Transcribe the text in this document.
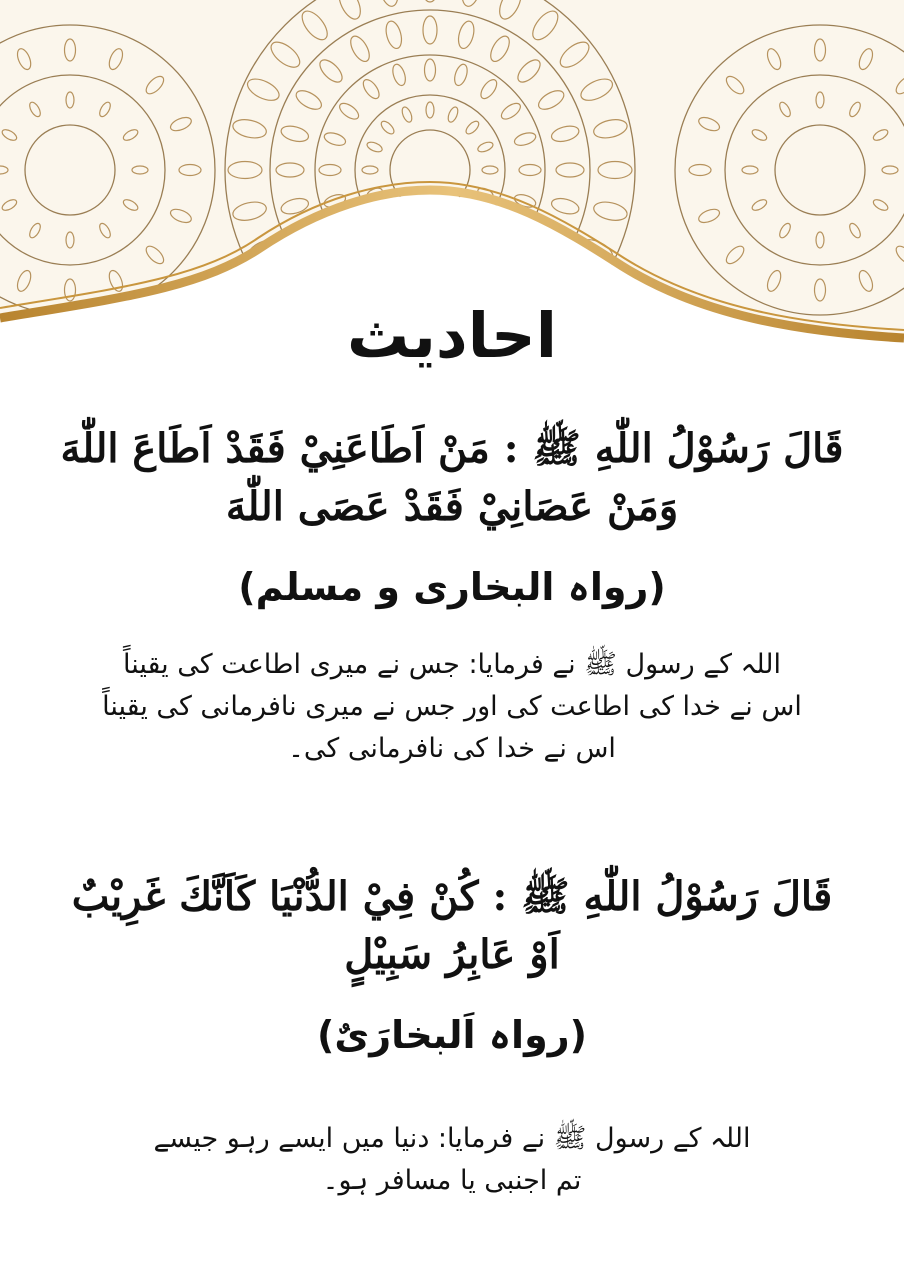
احادیث
قَالَ رَسُوْلُ اللّٰهِ ﷺ : مَنْ اَطَاعَنِيْ فَقَدْ اَطَاعَ اللّٰهَ
وَمَنْ عَصَانِيْ فَقَدْ عَصَى اللّٰهَ
(رواہ البخاری و مسلم)
اللہ کے رسول ﷺ نے فرمایا: جس نے میری اطاعت کی یقیناً
اس نے خدا کی اطاعت کی اور جس نے میری نافرمانی کی یقیناً
اس نے خدا کی نافرمانی کی۔
قَالَ رَسُوْلُ اللّٰهِ ﷺ : كُنْ فِيْ الدُّنْيَا كَاَنَّكَ غَرِيْبٌ
اَوْ عَابِرُ سَبِيْلٍ
(رواہ اَلبخارَیٌ)
اللہ کے رسول ﷺ نے فرمایا: دنیا میں ایسے رہو جیسے
تم اجنبی یا مسافر ہو۔
